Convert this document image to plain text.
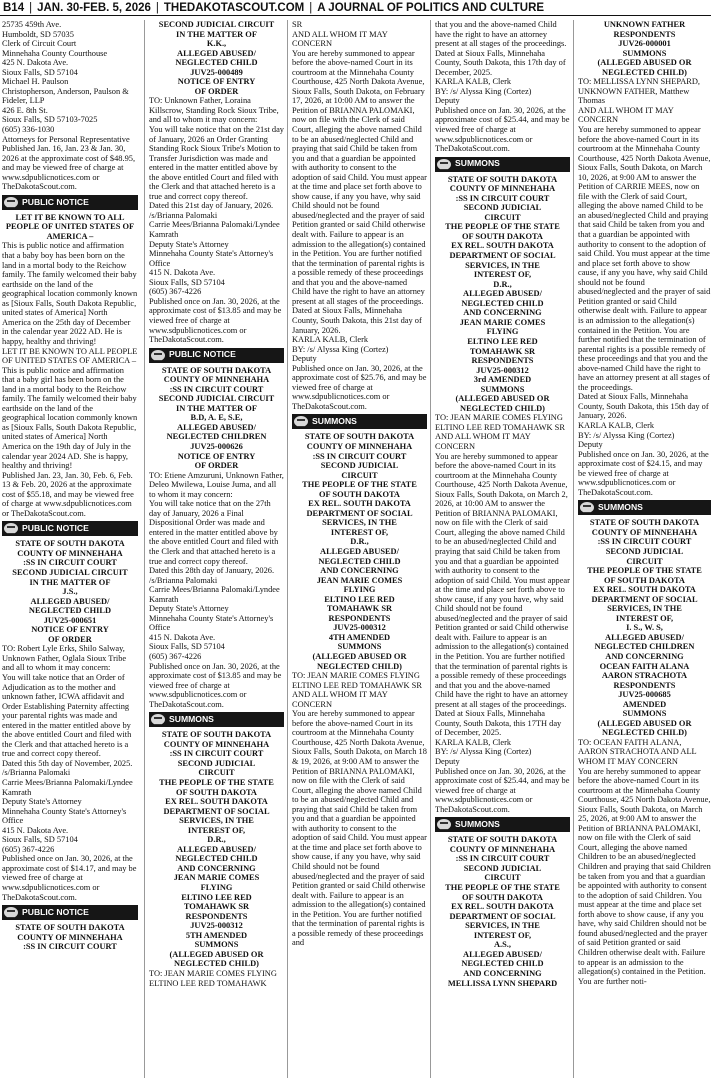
B14 | JAN. 30-FEB. 5, 2026 | THEDAKOTASCOUT.COM | A JOURNAL OF POLITICS AND CULTURE

25735 459th Ave.
Humboldt, SD 57035
Clerk of Circuit Court
Minnehaha County Courthouse
425 N. Dakota Ave.
Sioux Falls, SD 57104
Michael H. Paulson
Christopherson, Anderson, Paulson & Fideler, LLP
426 E. 8th St.
Sioux Falls, SD 57103-7025
(605) 336-1030
Attorneys for Personal Representative
Published Jan. 16, Jan. 23 & Jan. 30, 2026 at the approximate cost of $48.95, and may be viewed free of charge at www.sdpublicnotices.com or TheDakotaScout.com.

PUBLIC NOTICE

LET IT BE KNOWN TO ALL PEOPLE OF UNITED STATES OF AMERICA –

This is public notice and affirmation that a baby boy has been born on the land in a mortal body to the Reichow family. The family welcomed their baby earthside on the land of the geographical location commonly known as [Sioux Falls, South Dakota Republic, united states of America] North America on the 25th day of December in the calendar year 2022 AD. He is happy, healthy and thriving!
LET IT BE KNOWN TO ALL PEOPLE OF UNITED STATES OF AMERICA – This is public notice and affirmation that a baby girl has been born on the land in a mortal body to the Reichow family. The family welcomed their baby earthside on the land of the geographical location commonly known as [Sioux Falls, South Dakota Republic, united states of America] North America on the 19th day of July in the calendar year 2024 AD. She is happy, healthy and thriving!
Published Jan. 23, Jan. 30, Feb. 6, Feb. 13 & Feb. 20, 2026 at the approximate cost of $55.18, and may be viewed free of charge at www.sdpublicnotices.com or TheDakotaScout.com.

PUBLIC NOTICE

STATE OF SOUTH DAKOTA
COUNTY OF MINNEHAHA
:SS IN CIRCUIT COURT
SECOND JUDICIAL CIRCUIT
IN THE MATTER OF
J.S.,
ALLEGED ABUSED/
NEGLECTED CHILD
JUV25-000651
NOTICE OF ENTRY
OF ORDER

TO: Robert Lyle Erks, Shilo Salway, Unknown Father, Oglala Sioux Tribe and all to whom it may concern:
You will take notice that an Order of Adjudication as to the mother and unknown father, ICWA affidavit and Order Establishing Paternity affecting your parental rights was made and entered in the matter entitled above by the above entitled Court and filed with the Clerk and that attached hereto is a true and correct copy thereof.
Dated this 5th day of November, 2025.
/s/Brianna Palomaki
Carrie Mees/Brianna Palomaki/Lyndee Kamrath
Deputy State's Attorney
Minnehaha County State's Attorney's Office
415 N. Dakota Ave.
Sioux Falls, SD 57104
(605) 367-4226
Published once on Jan. 30, 2026, at the approximate cost of $14.17, and may be viewed free of charge at www.sdpublicnotices.com or TheDakotaScout.com.

PUBLIC NOTICE

STATE OF SOUTH DAKOTA
COUNTY OF MINNEHAHA
:SS IN CIRCUIT COURT

SECOND JUDICIAL CIRCUIT
IN THE MATTER OF
K.K.,
ALLEGED ABUSED/
NEGLECTED CHILD
JUV25-000489
NOTICE OF ENTRY
OF ORDER

TO: Unknown Father, Loraina Killscrow, Standing Rock Sioux Tribe, and all to whom it may concern:
You will take notice that on the 21st day of January, 2026 an Order Granting Standing Rock Sioux Tribe's Motion to Transfer Jurisdiction was made and entered in the matter entitled above by the above entitled Court and filed with the Clerk and that attached hereto is a true and correct copy thereof.
Dated this 21st day of January, 2026.
/s/Brianna Palomaki
Carrie Mees/Brianna Palomaki/Lyndee Kamrath
Deputy State's Attorney
Minnehaha County State's Attorney's Office
415 N. Dakota Ave.
Sioux Falls, SD 57104
(605) 367-4226
Published once on Jan. 30, 2026, at the approximate cost of $13.85 and may be viewed free of charge at www.sdpublicnotices.com or TheDakotaScout.com.

PUBLIC NOTICE

STATE OF SOUTH DAKOTA
COUNTY OF MINNEHAHA
:SS IN CIRCUIT COURT
SECOND JUDICIAL CIRCUIT
IN THE MATTER OF
B.D, A. E, S.E,
ALLEGED ABUSED/
NEGLECTED CHILDREN
JUV25-000626
NOTICE OF ENTRY
OF ORDER

TO: Etiene Amzuruni, Unknown Father, Deleo Mwilewa, Louise Juma, and all to whom it may concern:
You will take notice that on the 27th day of January, 2026 a Final Dispositional Order was made and entered in the matter entitled above by the above entitled Court and filed with the Clerk and that attached hereto is a true and correct copy thereof.
Dated this 28th day of January, 2026.
/s/Brianna Palomaki
Carrie Mees/Brianna Palomaki/Lyndee Kamrath
Deputy State's Attorney
Minnehaha County State's Attorney's Office
415 N. Dakota Ave.
Sioux Falls, SD 57104
(605) 367-4226
Published once on Jan. 30, 2026, at the approximate cost of $13.85 and may be viewed free of charge at www.sdpublicnotices.com or TheDakotaScout.com.

SUMMONS

STATE OF SOUTH DAKOTA
COUNTY OF MINNEHAHA
:SS IN CIRCUIT COURT
SECOND JUDICIAL
CIRCUIT
THE PEOPLE OF THE STATE
OF SOUTH DAKOTA
EX REL. SOUTH DAKOTA
DEPARTMENT OF SOCIAL
SERVICES, IN THE
INTEREST OF,
D.R.,
ALLEGED ABUSED/
NEGLECTED CHILD
AND CONCERNING
JEAN MARIE COMES
FLYING
ELTINO LEE RED
TOMAHAWK SR
RESPONDENTS
JUV25-000312
5TH AMENDED
SUMMONS
(ALLEGED ABUSED OR
NEGLECTED CHILD)

TO: JEAN MARIE COMES FLYING
ELTINO LEE RED TOMAHAWK

SR
AND ALL WHOM IT MAY CONCERN
You are hereby summoned to appear before the above-named Court in its courtroom at the Minnehaha County Courthouse, 425 North Dakota Avenue, Sioux Falls, South Dakota, on February 17, 2026, at 10:00 AM to answer the Petition of BRIANNA PALOMAKI, now on file with the Clerk of said Court, alleging the above named Child to be an abused/neglected Child and praying that said Child be taken from you and that a guardian be appointed with authority to consent to the adoption of said Child. You must appear at the time and place set forth above to show cause, if any you have, why said Child should not be found abused/neglected and the prayer of said Petition granted or said Child otherwise dealt with. Failure to appear is an admission to the allegation(s) contained in the Petition. You are further notified that the termination of parental rights is a possible remedy of these proceedings and that you and the above-named Child have the right to have an attorney present at all stages of the proceedings.
Dated at Sioux Falls, Minnehaha County, South Dakota, this 21st day of January, 2026.
KARLA KALB, Clerk
BY: /s/ Alyssa King (Cortez)
Deputy
Published once on Jan. 30, 2026, at the approximate cost of $25.76, and may be viewed free of charge at www.sdpublicnotices.com or TheDakotaScout.com.

SUMMONS

STATE OF SOUTH DAKOTA
COUNTY OF MINNEHAHA
:SS IN CIRCUIT COURT
SECOND JUDICIAL
CIRCUIT
THE PEOPLE OF THE STATE
OF SOUTH DAKOTA
EX REL. SOUTH DAKOTA
DEPARTMENT OF SOCIAL
SERVICES, IN THE
INTEREST OF,
D.R.,
ALLEGED ABUSED/
NEGLECTED CHILD
AND CONCERNING
JEAN MARIE COMES
FLYING
ELTINO LEE RED
TOMAHAWK SR
RESPONDENTS
JUV25-000312
4TH AMENDED
SUMMONS
(ALLEGED ABUSED OR
NEGLECTED CHILD)

TO: JEAN MARIE COMES FLYING
ELTINO LEE RED TOMAHAWK SR
AND ALL WHOM IT MAY CONCERN
You are hereby summoned to appear before the above-named Court in its courtroom at the Minnehaha County Courthouse, 425 North Dakota Avenue, Sioux Falls, South Dakota, on March 18 & 19, 2026, at 9:00 AM to answer the Petition of BRIANNA PALOMAKI, now on file with the Clerk of said Court, alleging the above named Child to be an abused/neglected Child and praying that said Child be taken from you and that a guardian be appointed with authority to consent to the adoption of said Child. You must appear at the time and place set forth above to show cause, if any you have, why said Child should not be found abused/neglected and the prayer of said Petition granted or said Child otherwise dealt with. Failure to appear is an admission to the allegation(s) contained in the Petition. You are further notified that the termination of parental rights is a possible remedy of these proceedings and

that you and the above-named Child have the right to have an attorney present at all stages of the proceedings.
Dated at Sioux Falls, Minnehaha County, South Dakota, this 17th day of December, 2025.
KARLA KALB, Clerk
BY: /s/ Alyssa King (Cortez)
Deputy
Published once on Jan. 30, 2026, at the approximate cost of $25.44, and may be viewed free of charge at www.sdpublicnotices.com or TheDakotaScout.com.

SUMMONS

STATE OF SOUTH DAKOTA
COUNTY OF MINNEHAHA
:SS IN CIRCUIT COURT
SECOND JUDICIAL
CIRCUIT
THE PEOPLE OF THE STATE
OF SOUTH DAKOTA
EX REL. SOUTH DAKOTA
DEPARTMENT OF SOCIAL
SERVICES, IN THE
INTEREST OF,
D.R.,
ALLEGED ABUSED/
NEGLECTED CHILD
AND CONCERNING
JEAN MARIE COMES
FLYING
ELTINO LEE RED
TOMAHAWK SR
RESPONDENTS
JUV25-000312
3rd AMENDED
SUMMONS
(ALLEGED ABUSED OR
NEGLECTED CHILD)

TO: JEAN MARIE COMES FLYING
ELTINO LEE RED TOMAHAWK SR
AND ALL WHOM IT MAY CONCERN
You are hereby summoned to appear before the above-named Court in its courtroom at the Minnehaha County Courthouse, 425 North Dakota Avenue, Sioux Falls, South Dakota, on March 2, 2026, at 10:00 AM to answer the Petition of BRIANNA PALOMAKI, now on file with the Clerk of said Court, alleging the above named Child to be an abused/neglected Child and praying that said Child be taken from you and that a guardian be appointed with authority to consent to the adoption of said Child. You must appear at the time and place set forth above to show cause, if any you have, why said Child should not be found abused/neglected and the prayer of said Petition granted or said Child otherwise dealt with. Failure to appear is an admission to the allegation(s) contained in the Petition. You are further notified that the termination of parental rights is a possible remedy of these proceedings and that you and the above-named Child have the right to have an attorney present at all stages of the proceedings.
Dated at Sioux Falls, Minnehaha County, South Dakota, this 17TH day of December, 2025.
KARLA KALB, Clerk
BY: /s/ Alyssa King (Cortez)
Deputy
Published once on Jan. 30, 2026, at the approximate cost of $25.44, and may be viewed free of charge at www.sdpublicnotices.com or TheDakotaScout.com.

SUMMONS

STATE OF SOUTH DAKOTA
COUNTY OF MINNEHAHA
:SS IN CIRCUIT COURT
SECOND JUDICIAL
CIRCUIT
THE PEOPLE OF THE STATE
OF SOUTH DAKOTA
EX REL. SOUTH DAKOTA
DEPARTMENT OF SOCIAL
SERVICES, IN THE
INTEREST OF,
A.S.,
ALLEGED ABUSED/
NEGLECTED CHILD
AND CONCERNING
MELLISSA LYNN SHEPARD

UNKNOWN FATHER
RESPONDENTS
JUV26-000001
SUMMONS
(ALLEGED ABUSED OR
NEGLECTED CHILD)

TO: MELLISSA LYNN SHEPARD, UNKNOWN FATHER, Matthew Thomas
AND ALL WHOM IT MAY CONCERN
You are hereby summoned to appear before the above-named Court in its courtroom at the Minnehaha County Courthouse, 425 North Dakota Avenue, Sioux Falls, South Dakota, on March 10, 2026, at 9:00 AM to answer the Petition of CARRIE MEES, now on file with the Clerk of said Court, alleging the above named Child to be an abused/neglected Child and praying that said Child be taken from you and that a guardian be appointed with authority to consent to the adoption of said Child. You must appear at the time and place set forth above to show cause, if any you have, why said Child should not be found
abused/neglected and the prayer of said Petition granted or said Child otherwise dealt with. Failure to appear is an admission to the allegation(s) contained in the Petition. You are further notified that the termination of parental rights is a possible remedy of these proceedings and that you and the above-named Child have the right to have an attorney present at all stages of the proceedings.
Dated at Sioux Falls, Minnehaha County, South Dakota, this 15th day of January, 2026.
KARLA KALB, Clerk
BY: /s/ Alyssa King (Cortez)
Deputy
Published once on Jan. 30, 2026, at the approximate cost of $24.15, and may be viewed free of charge at www.sdpublicnotices.com or TheDakotaScout.com.

SUMMONS

STATE OF SOUTH DAKOTA
COUNTY OF MINNEHAHA
:SS IN CIRCUIT COURT
SECOND JUDICIAL
CIRCUIT
THE PEOPLE OF THE STATE
OF SOUTH DAKOTA
EX REL. SOUTH DAKOTA
DEPARTMENT OF SOCIAL
SERVICES, IN THE
INTEREST OF,
I. S., W. S,
ALLEGED ABUSED/
NEGLECTED CHILDREN
AND CONCERNING
OCEAN FAITH ALANA
AARON STRACHOTA
RESPONDENTS
JUV25-000685
AMENDED
SUMMONS
(ALLEGED ABUSED OR
NEGLECTED CHILD)

TO: OCEAN FAITH ALANA, AARON STRACHOTA AND ALL WHOM IT MAY CONCERN
You are hereby summoned to appear before the above-named Court in its courtroom at the Minnehaha County Courthouse, 425 North Dakota Avenue, Sioux Falls, South Dakota, on March 25, 2026, at 9:00 AM to answer the Petition of BRIANNA PALOMAKI, now on file with the Clerk of said Court, alleging the above named Children to be an abused/neglected Children and praying that said Children be taken from you and that a guardian be appointed with authority to consent to the adoption of said Children. You must appear at the time and place set forth above to show cause, if any you have, why said Children should not be found abused/neglected and the prayer of said Petition granted or said Children otherwise dealt with. Failure to appear is an admission to the allegation(s) contained in the Petition. You are further noti-
